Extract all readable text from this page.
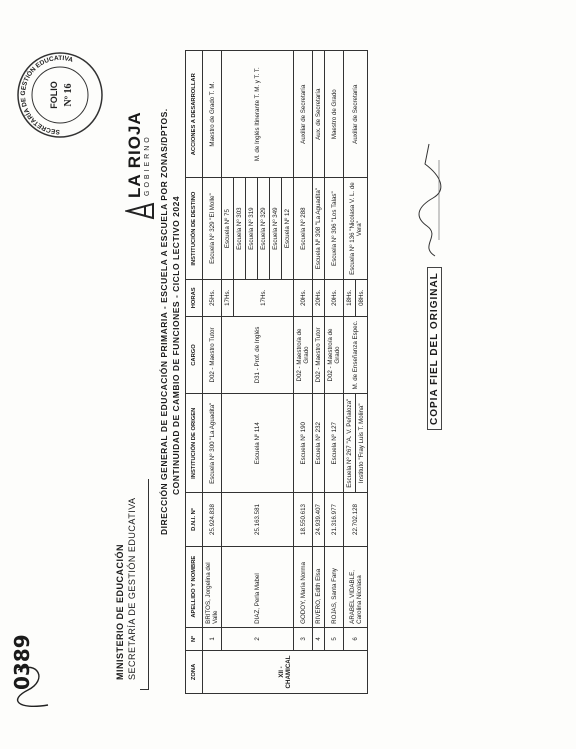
MINISTERIO DE EDUCACIÓN SECRETARÍA DE GESTIÓN EDUCATIVA
DIRECCIÓN GENERAL DE EDUCACIÓN PRIMARIA - ESCUELA A ESCUELA POR ZONAS/DPTOS. CONTINUIDAD DE CAMBIO DE FUNCIONES - CICLO LECTIVO 2024
LA RIOJA GOBIERNO
SECRETARÍA DE GESTIÓN EDUCATIVA
FOLIO Nº 16
ZONA	Nº	APELLIDO Y NOMBRE	D.N.I. Nº	INSTITUCIÓN DE ORIGEN	CARGO	HORAS	INSTITUCIÓN DE DESTINO	ACCIONES A DESARROLLAR
XII - CHAMICAL	1	BRITOS, Jorgelina del Valle	25.924.838	Escuela Nº 300 "La Aguadita"	D02 - Maestro Tutor	25Hs.	Escuela Nº 329 "El Molle"	Maestro de Grado T. M.
	2	DIAZ, Perla Mabel	25.163.581	Escuela Nº 114	D31 - Prof. de Inglés	17Hs.	Escuela Nº 75	M. de Inglés Itinerante T. M. y T. T.
						17Hs.	Escuela Nº 303	
							Escuela Nº 319	
							Escuela Nº 329	
							Escuela Nº 349	
							Escuela Nº 12	
	3	GODOY, María Norma	18.550.613	Escuela Nº 190	D02 - Maestro/a de Grado	20Hs.	Escuela Nº 288	Auxiliar de Secretaría
	4	RIVERO, Edith Elsa	24.939.407	Escuela Nº 232	D02 - Maestro Tutor	20Hs.	Escuela Nº 308 "La Aguadita"	Aux. de Secretaría
	5	ROJAS, Santa Fany	21.316.977	Escuela Nº 127	D02 - Maestro/a de Grado	20Hs.	Escuela Nº 306 "Los Talas"	Maestro de Grado
	6	ARABEL VIDABLE, Carolina Nicolasa	22.702.128	Escuela Nº 267 "A. V. Peñaloza"	M. de Enseñanza Espec.	18Hs.	Escuela Nº 136 "Nicolasa V. L. de Vera"	Auxiliar de Secretaría
				Instituto "Fray Luis T. Molina"		08Hs.			COPIA FIEL DEL ORIGINAL
0389
